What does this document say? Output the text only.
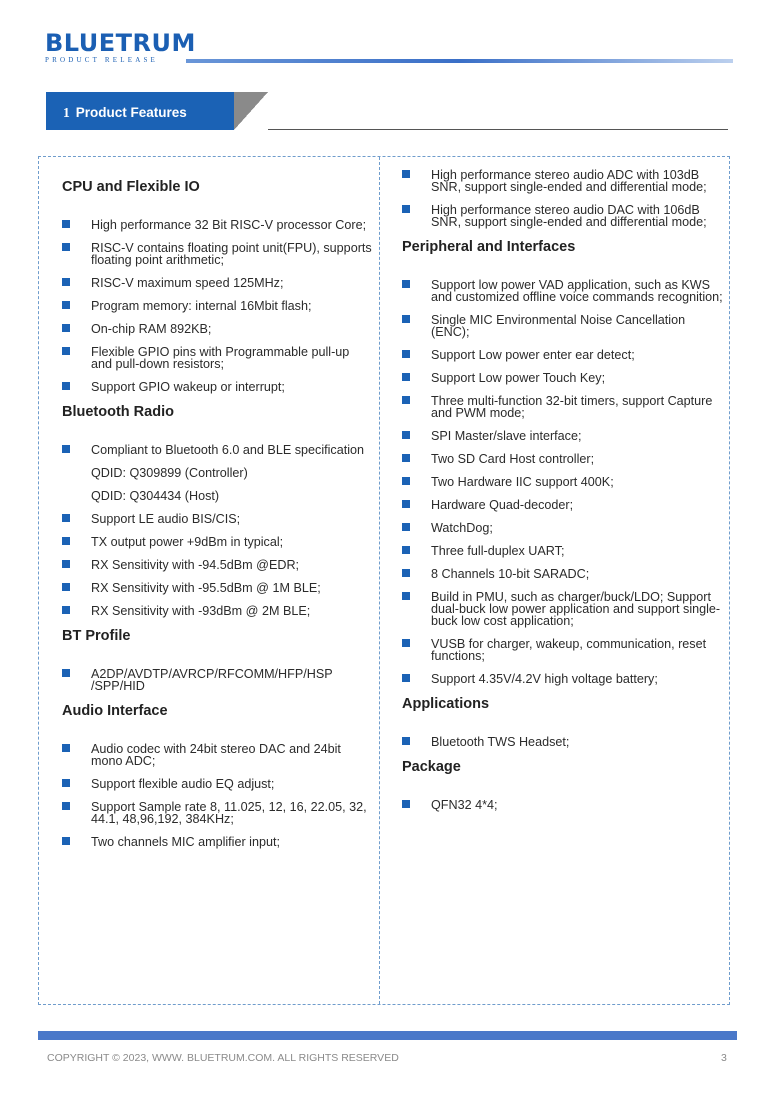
BLUETRUM
PRODUCT RELEASE
1 Product Features
CPU and Flexible IO
High performance 32 Bit RISC-V processor Core;
RISC-V contains floating point unit(FPU), supports floating point arithmetic;
RISC-V maximum speed 125MHz;
Program memory: internal 16Mbit flash;
On-chip RAM 892KB;
Flexible GPIO pins with Programmable pull-up and pull-down resistors;
Support GPIO wakeup or interrupt;
Bluetooth Radio
Compliant to Bluetooth 6.0 and BLE specification
QDID: Q309899 (Controller)
QDID: Q304434 (Host)
Support LE audio BIS/CIS;
TX output power +9dBm in typical;
RX Sensitivity with -94.5dBm @EDR;
RX Sensitivity with -95.5dBm @ 1M BLE;
RX Sensitivity with -93dBm @ 2M BLE;
BT Profile
A2DP/AVDTP/AVRCP/RFCOMM/HFP/HSP /SPP/HID
Audio Interface
Audio codec with 24bit stereo DAC and 24bit mono ADC;
Support flexible audio EQ adjust;
Support Sample rate 8, 11.025, 12, 16, 22.05, 32, 44.1, 48,96,192, 384KHz;
Two channels MIC amplifier input;
High performance stereo audio ADC with 103dB SNR, support single-ended and differential mode;
High performance stereo audio DAC with 106dB SNR, support single-ended and differential mode;
Peripheral and Interfaces
Support low power VAD application, such as KWS and customized offline voice commands recognition;
Single MIC Environmental Noise Cancellation (ENC);
Support Low power enter ear detect;
Support Low power Touch Key;
Three multi-function 32-bit timers, support Capture and PWM mode;
SPI Master/slave interface;
Two SD Card Host controller;
Two Hardware IIC support 400K;
Hardware Quad-decoder;
WatchDog;
Three full-duplex UART;
8 Channels 10-bit SARADC;
Build in PMU, such as charger/buck/LDO; Support dual-buck low power application and support single-buck low cost application;
VUSB for charger, wakeup, communication, reset functions;
Support 4.35V/4.2V high voltage battery;
Applications
Bluetooth TWS Headset;
Package
QFN32 4*4;
COPYRIGHT © 2023, WWW. BLUETRUM.COM. ALL RIGHTS RESERVED	3
